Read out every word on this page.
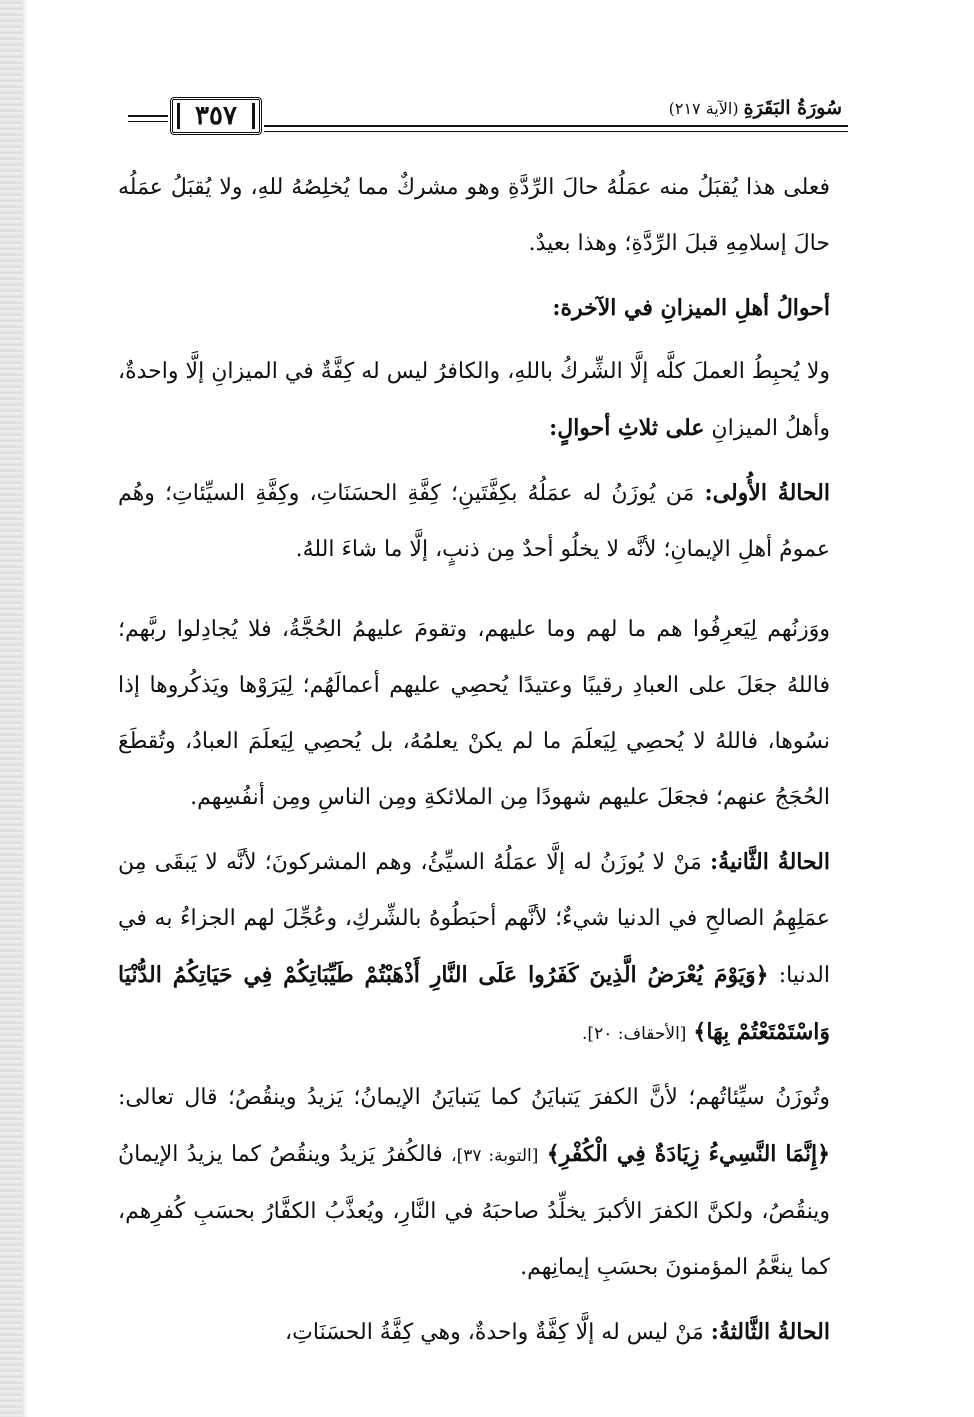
٣٥٧	سُورَةُ البَقَرَةِ (الآية ٢١٧)

فعلى هذا يُقبَلُ منه عمَلُهُ حالَ الرِّدَّةِ وهو مشركٌ مما يُخلِصُهُ للهِ، ولا يُقبَلُ عمَلُه حالَ إسلامِهِ قبلَ الرِّدَّةِ؛ وهذا بعيدٌ.

أحوالُ أهلِ الميزانِ في الآخرة:

ولا يُحبِطُ العملَ كلَّه إلَّا الشِّركُ باللهِ، والكافرُ ليس له كِفَّةٌ في الميزانِ إلَّا واحدةٌ، وأهلُ الميزانِ على ثلاثِ أحوالٍ:

الحالةُ الأُولى: مَن يُوزَنُ له عمَلُهُ بكِفَّتَينِ؛ كِفَّةِ الحسَنَاتِ، وكِفَّةِ السيِّئاتِ؛ وهُم عمومُ أهلِ الإيمانِ؛ لأنَّه لا يخلُو أحدٌ مِن ذنبٍ، إلَّا ما شاءَ اللهُ.

ووَزنُهم لِيَعرِفُوا هم ما لهم وما عليهم، وتقومَ عليهمُ الحُجَّةُ، فلا يُجادِلوا ربَّهم؛ فاللهُ جعَلَ على العبادِ رقيبًا وعتيدًا يُحصِي عليهم أعمالَهُم؛ لِيَرَوْها ويَذكُروها إذا نسُوها، فاللهُ لا يُحصِي لِيَعلَمَ ما لم يكنْ يعلمُهُ، بل يُحصِي لِيَعلَمَ العبادُ، وتُقطَعَ الحُجَجُ عنهم؛ فجعَلَ عليهم شهودًا مِن الملائكةِ ومِن الناسِ ومِن أنفُسِهم.

الحالةُ الثَّانيةُ: مَنْ لا يُوزَنُ له إلَّا عمَلُهُ السيِّئُ، وهم المشركونَ؛ لأنَّه لا يَبقَى مِن عمَلِهِمُ الصالحِ في الدنيا شيءٌ؛ لأنَّهم أحبَطُوهُ بالشِّركِ، وعُجِّلَ لهم الجزاءُ به في الدنيا: ﴿وَيَوْمَ يُعْرَضُ الَّذِينَ كَفَرُوا عَلَى النَّارِ أَذْهَبْتُمْ طَيِّبَاتِكُمْ فِي حَيَاتِكُمُ الدُّنْيَا وَاسْتَمْتَعْتُمْ بِهَا﴾ [الأحقاف: ٢٠].

وتُوزَنُ سيِّئاتُهم؛ لأنَّ الكفرَ يَتبايَنُ كما يَتبايَنُ الإيمانُ؛ يَزيدُ وينقُصُ؛ قال تعالى: ﴿إِنَّمَا النَّسِيءُ زِيَادَةٌ فِي الْكُفْرِ﴾ [التوبة: ٣٧]، فالكُفرُ يَزيدُ وينقُصُ كما يزيدُ الإيمانُ وينقُصُ، ولكنَّ الكفرَ الأكبرَ يخلِّدُ صاحبَهُ في النَّارِ، ويُعذَّبُ الكفَّارُ بحسَبِ كُفرِهم، كما ينعَّمُ المؤمنونَ بحسَبِ إيمانِهم.

الحالةُ الثَّالثةُ: مَنْ ليس له إلَّا كِفَّةٌ واحدةٌ، وهي كِفَّةُ الحسَنَاتِ،
